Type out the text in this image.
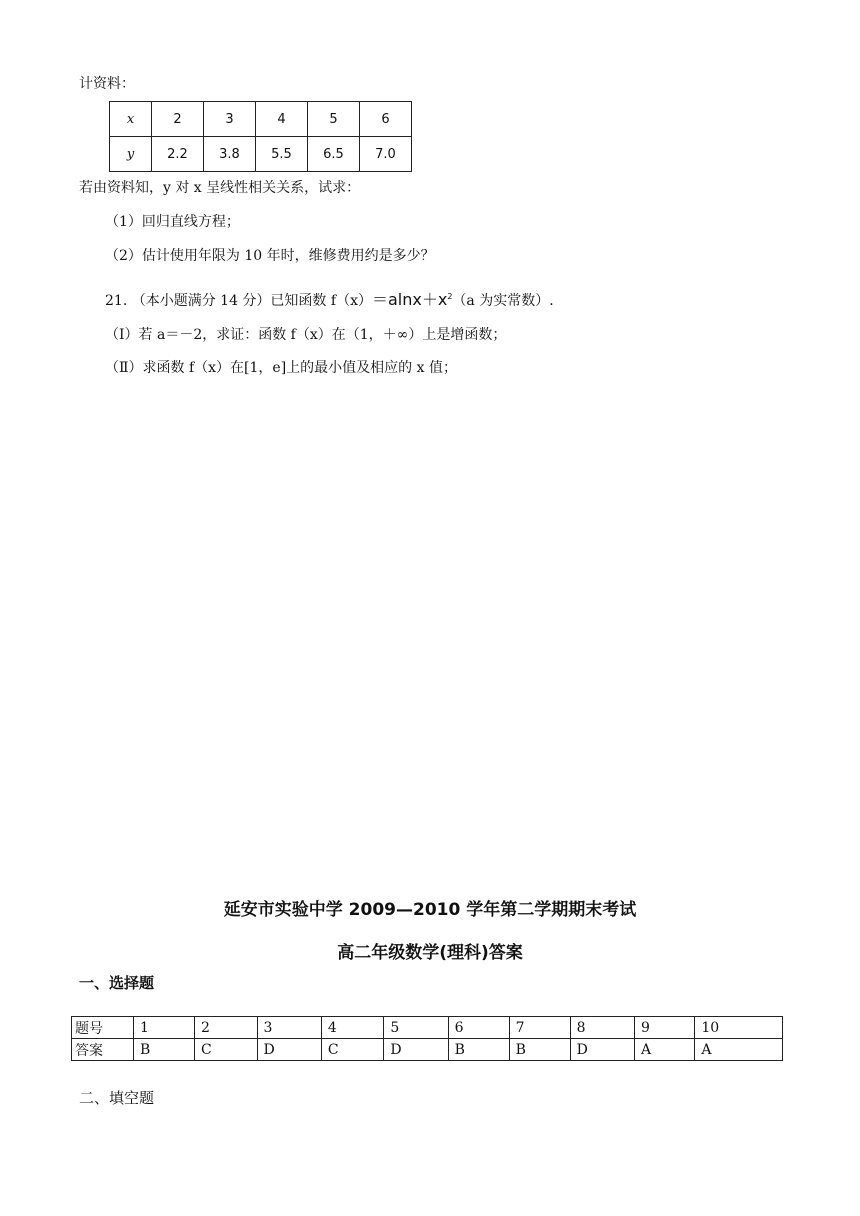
计资料：
x	2	3	4	5	6
y	2.2	3.8	5.5	6.5	7.0
若由资料知，y 对 x 呈线性相关关系，试求：
（1）回归直线方程；
（2）估计使用年限为 10 年时，维修费用约是多少？
21. （本小题满分 14 分）已知函数 $f(x)=alnx+x^2(a$ 为实常数）.
（Ⅰ）若 a＝－2，求证：函数 f（x）在（1，＋∞）上是增函数；
（Ⅱ）求函数 f（x）在[1，e]上的最小值及相应的 x 值；
延安市实验中学 2009—2010 学年第二学期期末考试
高二年级数学(理科)答案
一、选择题
题号	1	2	3	4	5	6	7	8	9	10
答案	B	C	D	C	D	B	B	D	A	A
二、填空题
